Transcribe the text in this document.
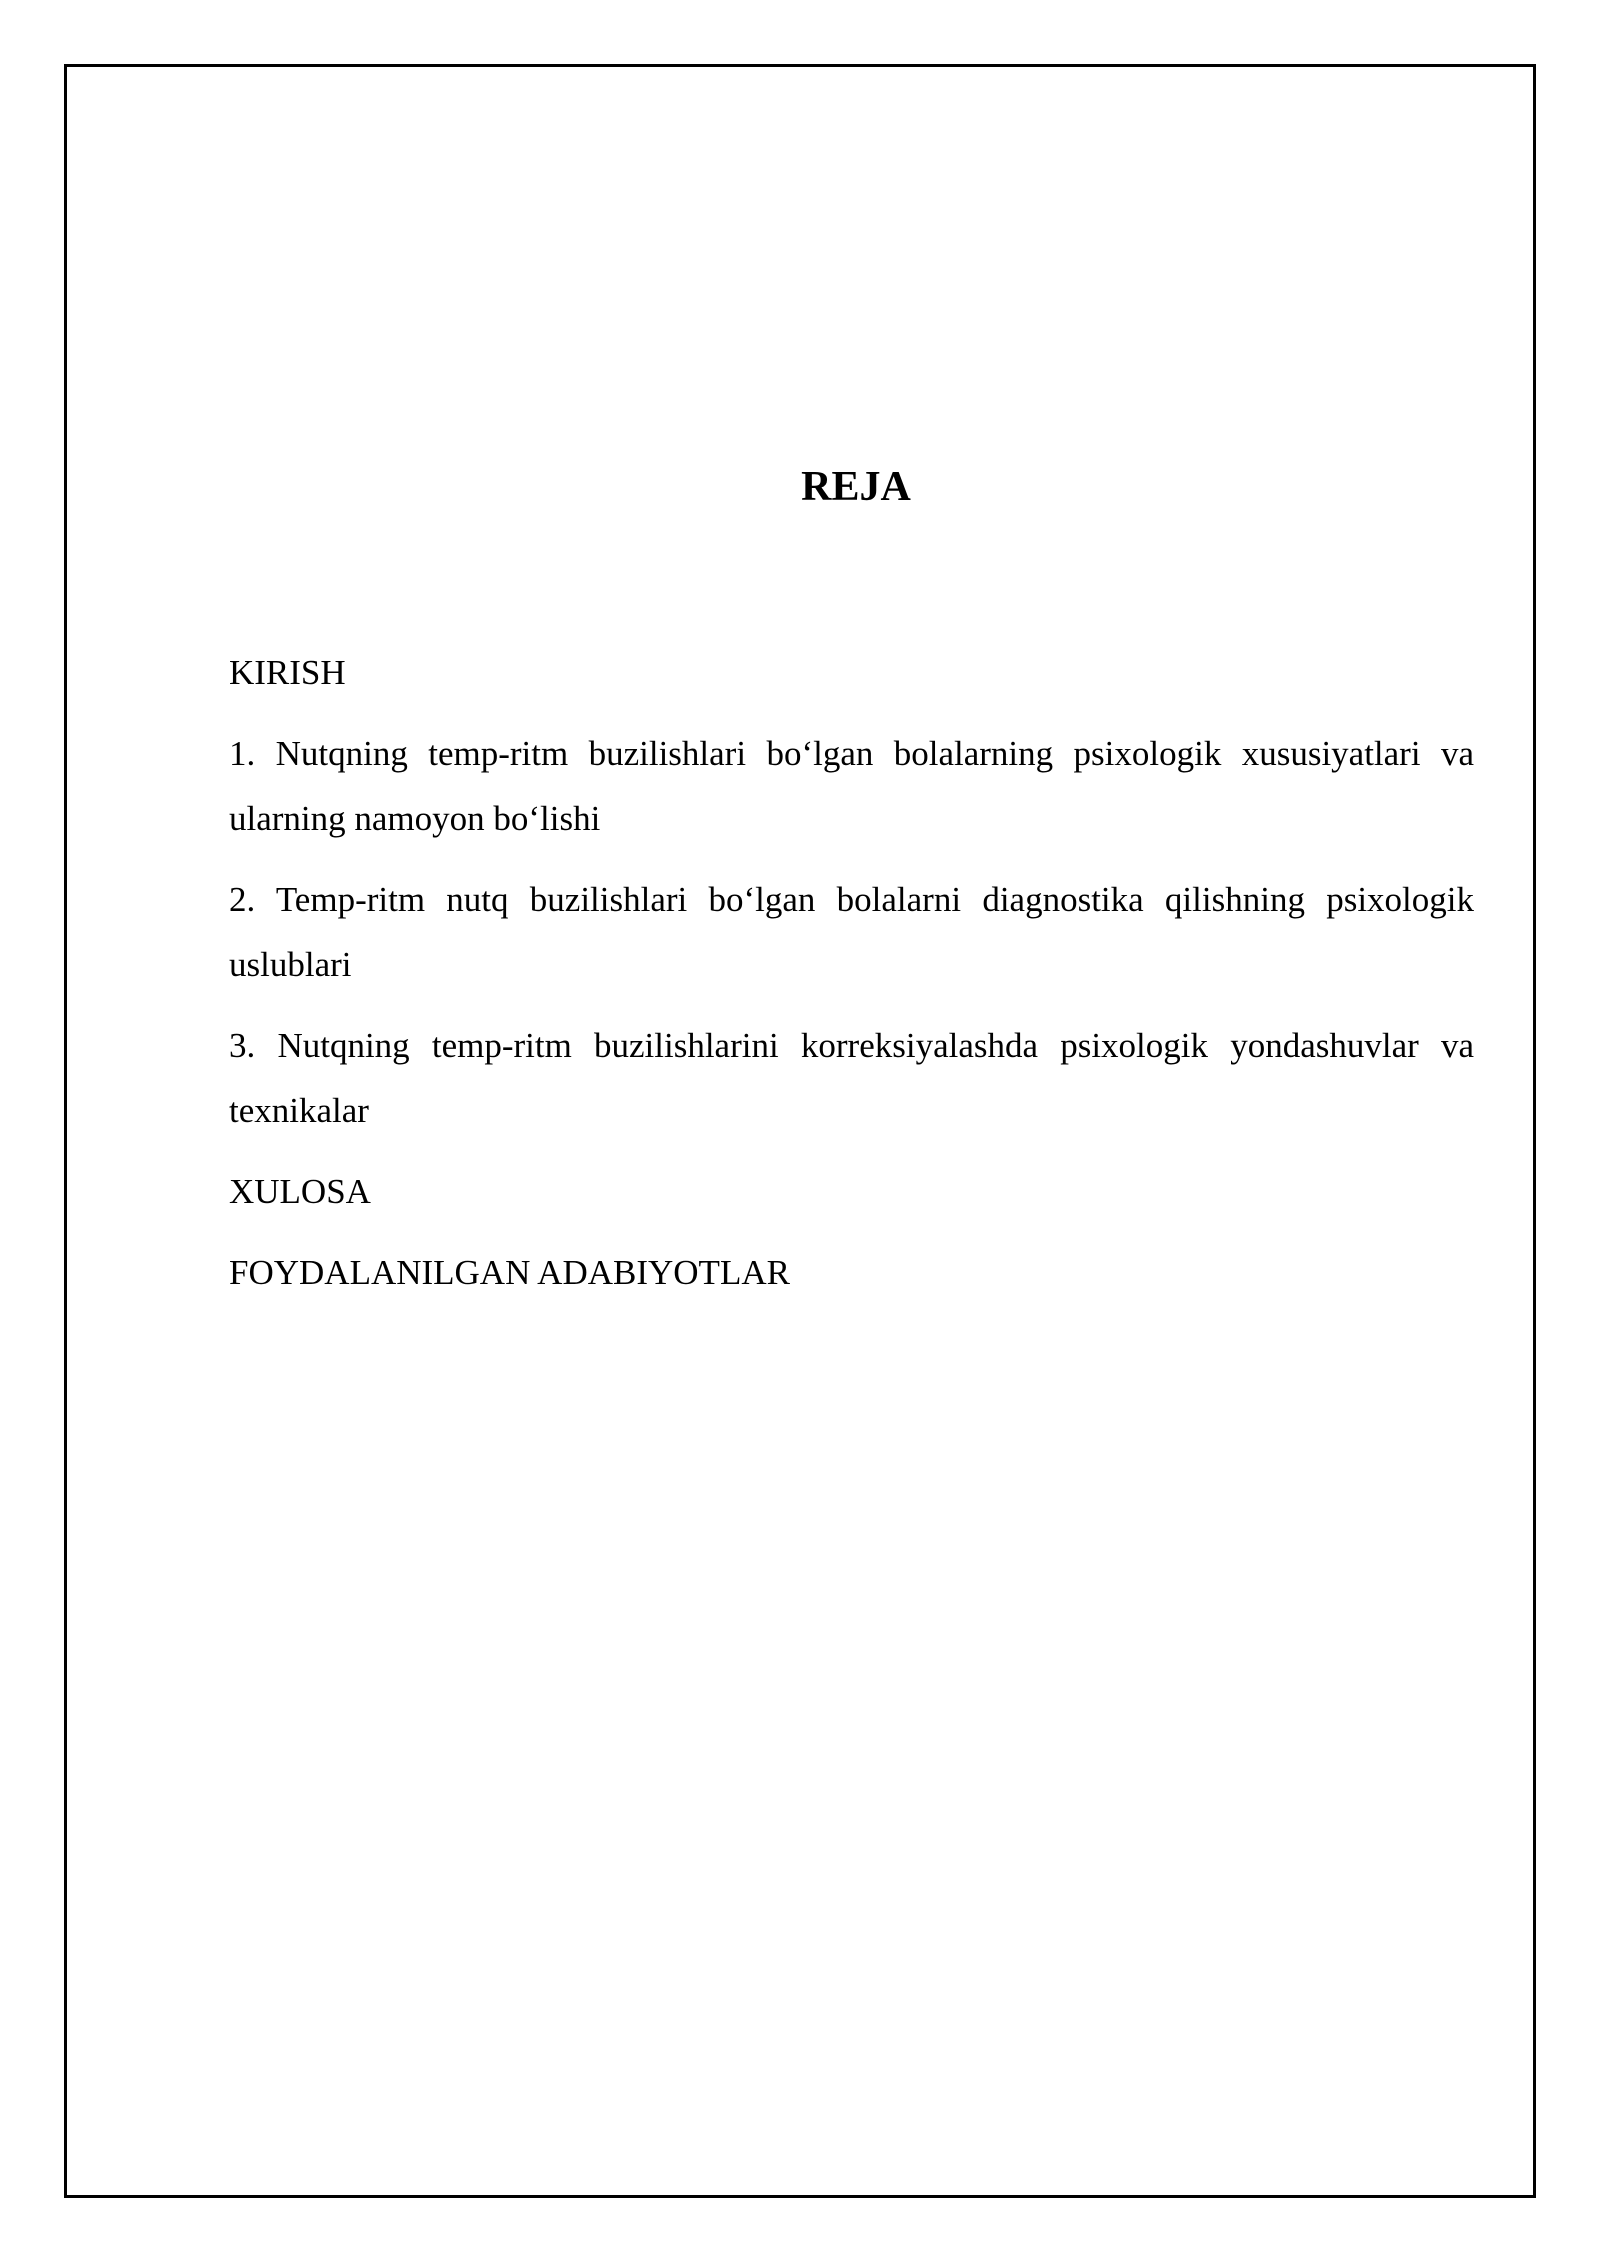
REJA
KIRISH
1. Nutqning temp-ritm buzilishlari bo‘lgan bolalarning psixologik xususiyatlari va ularning namoyon bo‘lishi
2. Temp-ritm nutq buzilishlari bo‘lgan bolalarni diagnostika qilishning psixologik uslublari
3. Nutqning temp-ritm buzilishlarini korreksiyalashda psixologik yondashuvlar va texnikalar
XULOSA
FOYDALANILGAN ADABIYOTLAR
